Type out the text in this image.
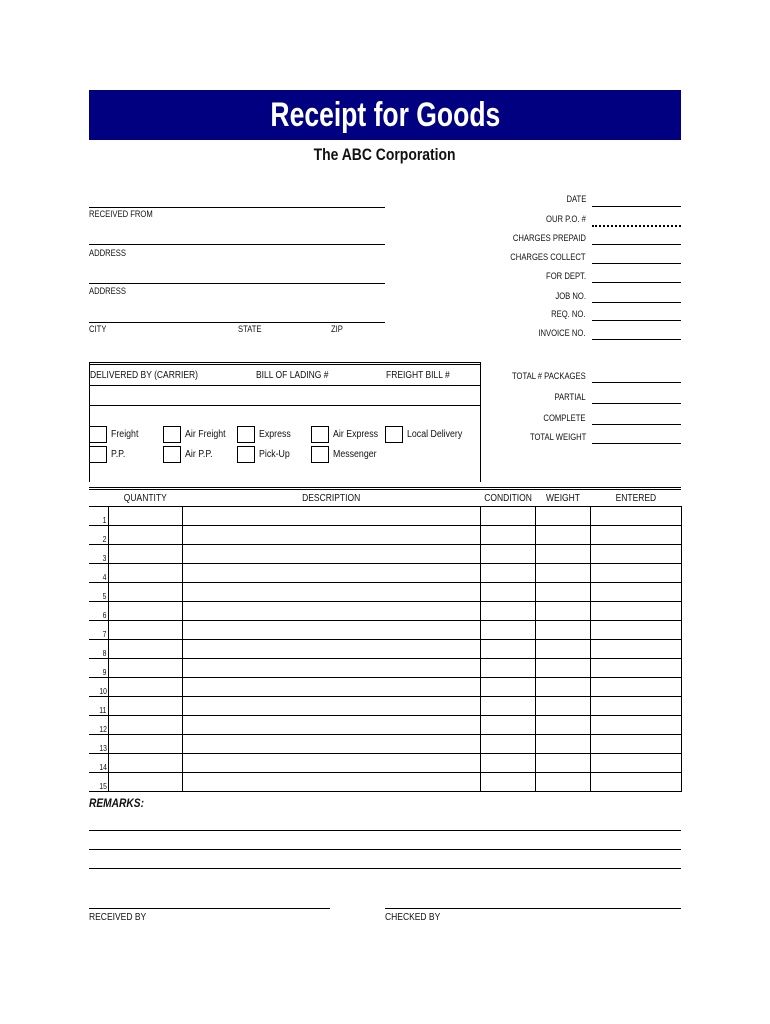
Receipt for Goods
The ABC Corporation
RECEIVED FROM
ADDRESS
ADDRESS
CITY	STATE	ZIP
DATE
OUR P.O. #
CHARGES PREPAID
CHARGES COLLECT
FOR DEPT.
JOB NO.
REQ. NO.
INVOICE NO.
DELIVERED BY (CARRIER)	BILL OF LADING #	FREIGHT BILL #
Freight
P.P.
Air Freight
Air P.P.
Express
Pick-Up
Air Express
Messenger
Local Delivery
TOTAL # PACKAGES
PARTIAL
COMPLETE
TOTAL WEIGHT
	QUANTITY	DESCRIPTION	CONDITION	WEIGHT	ENTERED
1					
2					
3					
4					
5					
6					
7					
8					
9					
10					
11					
12					
13					
14					
15					
REMARKS:
RECEIVED BY	CHECKED BY
